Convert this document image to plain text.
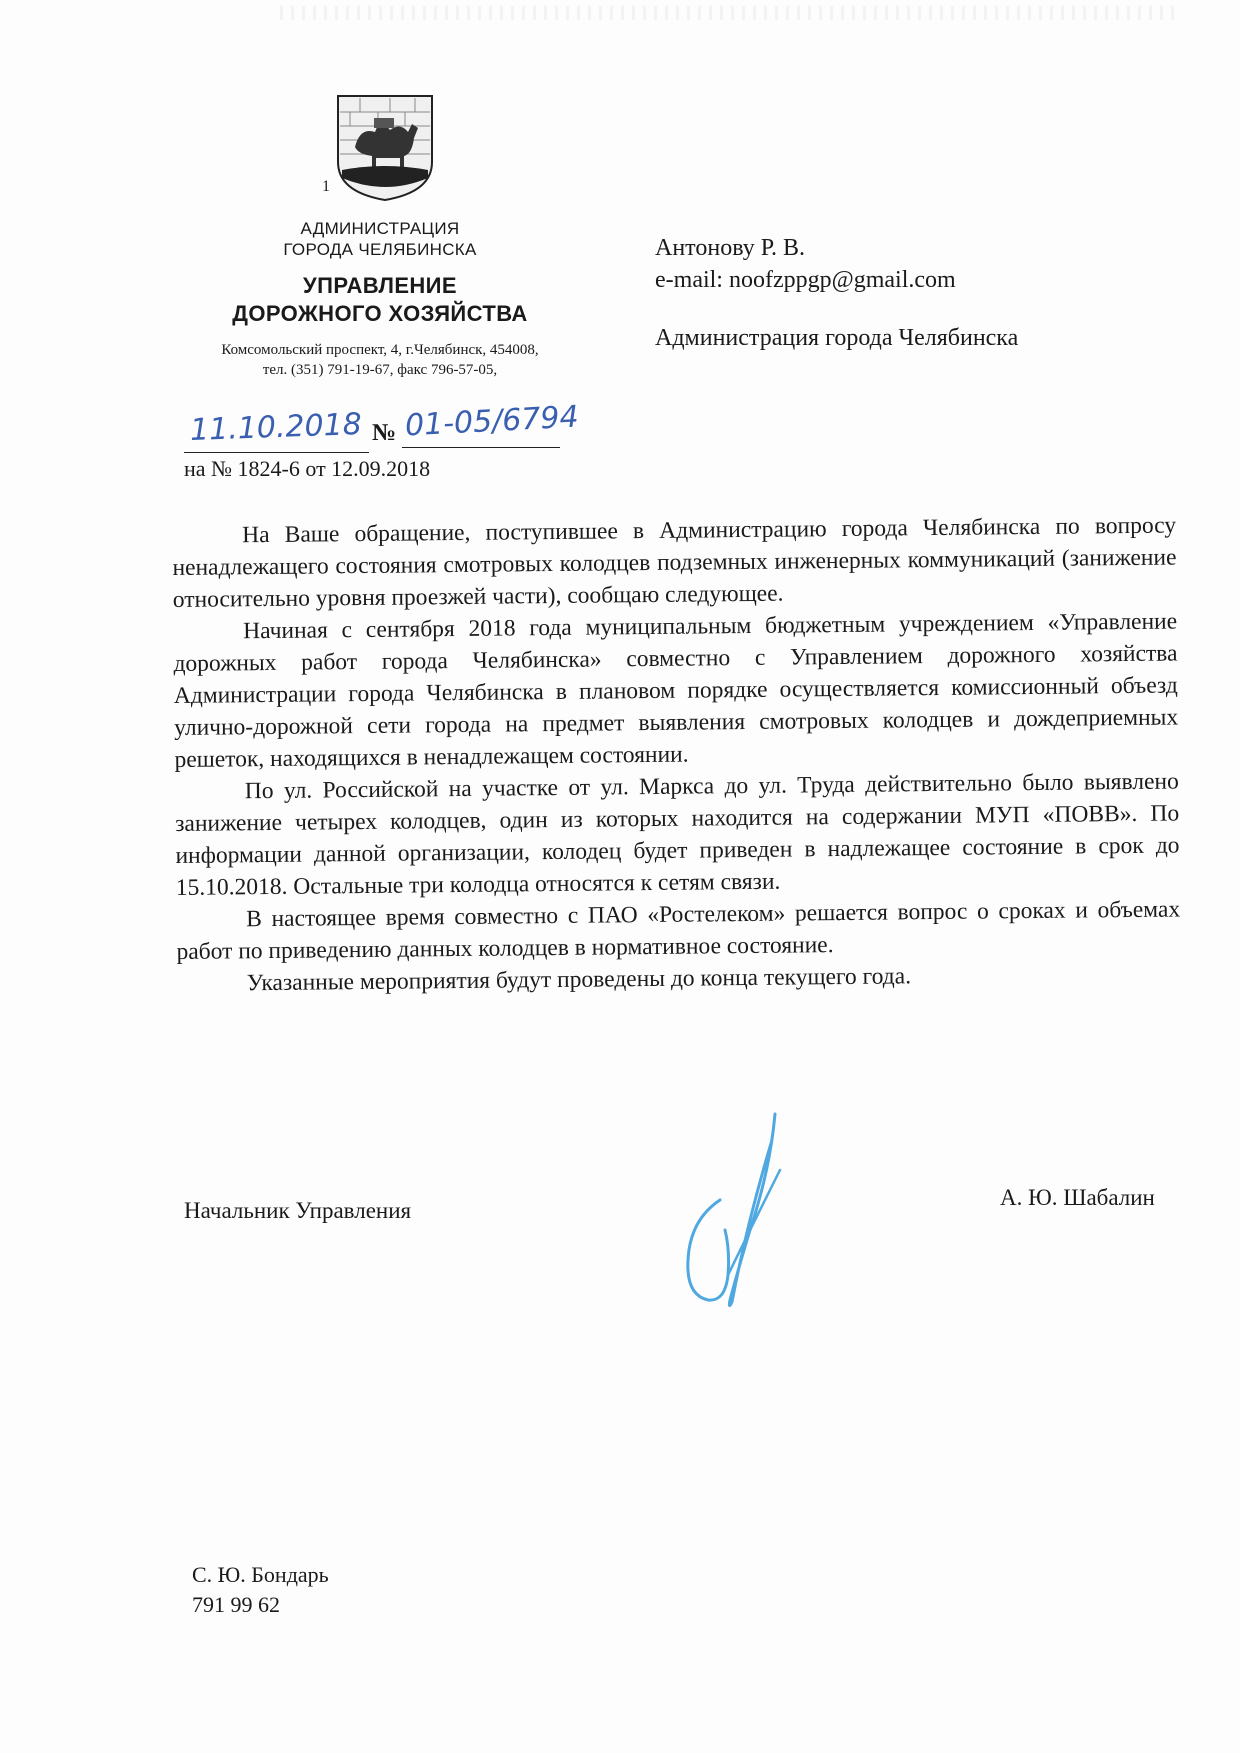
1
АДМИНИСТРАЦИЯ
ГОРОДА ЧЕЛЯБИНСКА
УПРАВЛЕНИЕ
ДОРОЖНОГО ХОЗЯЙСТВА
Комсомольский проспект, 4, г.Челябинск, 454008,
тел. (351) 791-19-67, факс 796-57-05,
11.10.2018 № 01-05/6794
на № 1824-6 от 12.09.2018
Антонову Р. В.
e-mail: noofzppgp@gmail.com
Администрация города Челябинска

На Ваше обращение, поступившее в Администрацию города Челябинска по вопросу ненадлежащего состояния смотровых колодцев подземных инженерных коммуникаций (занижение относительно уровня проезжей части), сообщаю следующее.

Начиная с сентября 2018 года муниципальным бюджетным учреждением «Управление дорожных работ города Челябинска» совместно с Управлением дорожного хозяйства Администрации города Челябинска в плановом порядке осуществляется комиссионный объезд улично-дорожной сети города на предмет выявления смотровых колодцев и дождеприемных решеток, находящихся в ненадлежащем состоянии.

По ул. Российской на участке от ул. Маркса до ул. Труда действительно было выявлено занижение четырех колодцев, один из которых находится на содержании МУП «ПОВВ». По информации данной организации, колодец будет приведен в надлежащее состояние в срок до 15.10.2018. Остальные три колодца относятся к сетям связи.

В настоящее время совместно с ПАО «Ростелеком» решается вопрос о сроках и объемах работ по приведению данных колодцев в нормативное состояние.

Указанные мероприятия будут проведены до конца текущего года.

Начальник Управления
А. Ю. Шабалин
С. Ю. Бондарь
791 99 62
